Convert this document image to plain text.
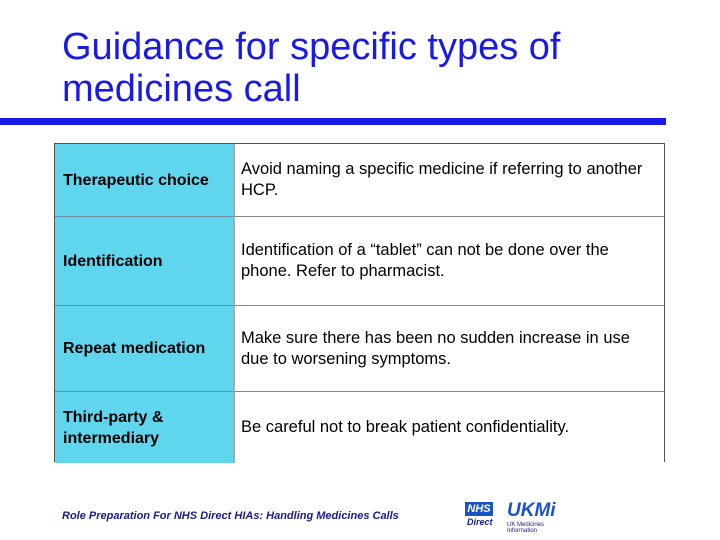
Guidance for specific types of medicines call
Therapeutic choice
Avoid naming a specific medicine if referring to another HCP.
Identification
Identification of a “tablet” can not be done over the phone. Refer to pharmacist.
Repeat medication
Make sure there has been no sudden increase in use due to worsening symptoms.
Third-party & intermediary
Be careful not to break patient confidentiality.
Role Preparation For NHS Direct HIAs: Handling Medicines Calls
NHS
Direct
UKMi
UK Medicines Information
